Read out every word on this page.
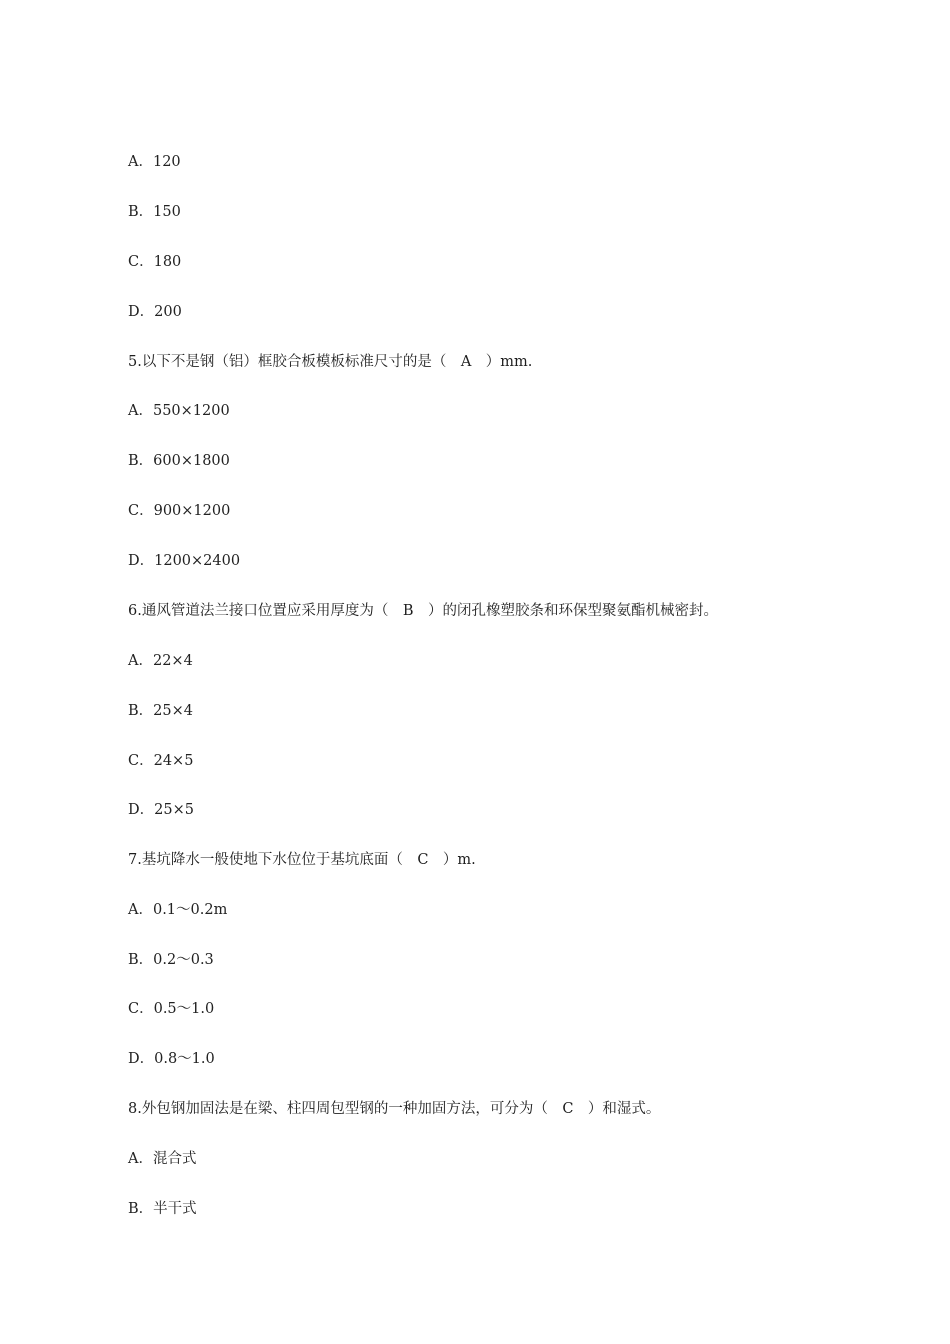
A．120

B．150

C．180

D．200

5.以下不是钢（铝）框胶合板模板标准尺寸的是（　A　）mm.

A．550×1200

B．600×1800

C．900×1200

D．1200×2400

6.通风管道法兰接口位置应采用厚度为（　B　）的闭孔橡塑胶条和环保型聚氨酯机械密封。

A．22×4

B．25×4

C．24×5

D．25×5

7.基坑降水一般使地下水位位于基坑底面（　C　）m.

A．0.1～0.2m

B．0.2～0.3

C．0.5～1.0

D．0.8～1.0

8.外包钢加固法是在梁、柱四周包型钢的一种加固方法，可分为（　C　）和湿式。

A．混合式

B．半干式
